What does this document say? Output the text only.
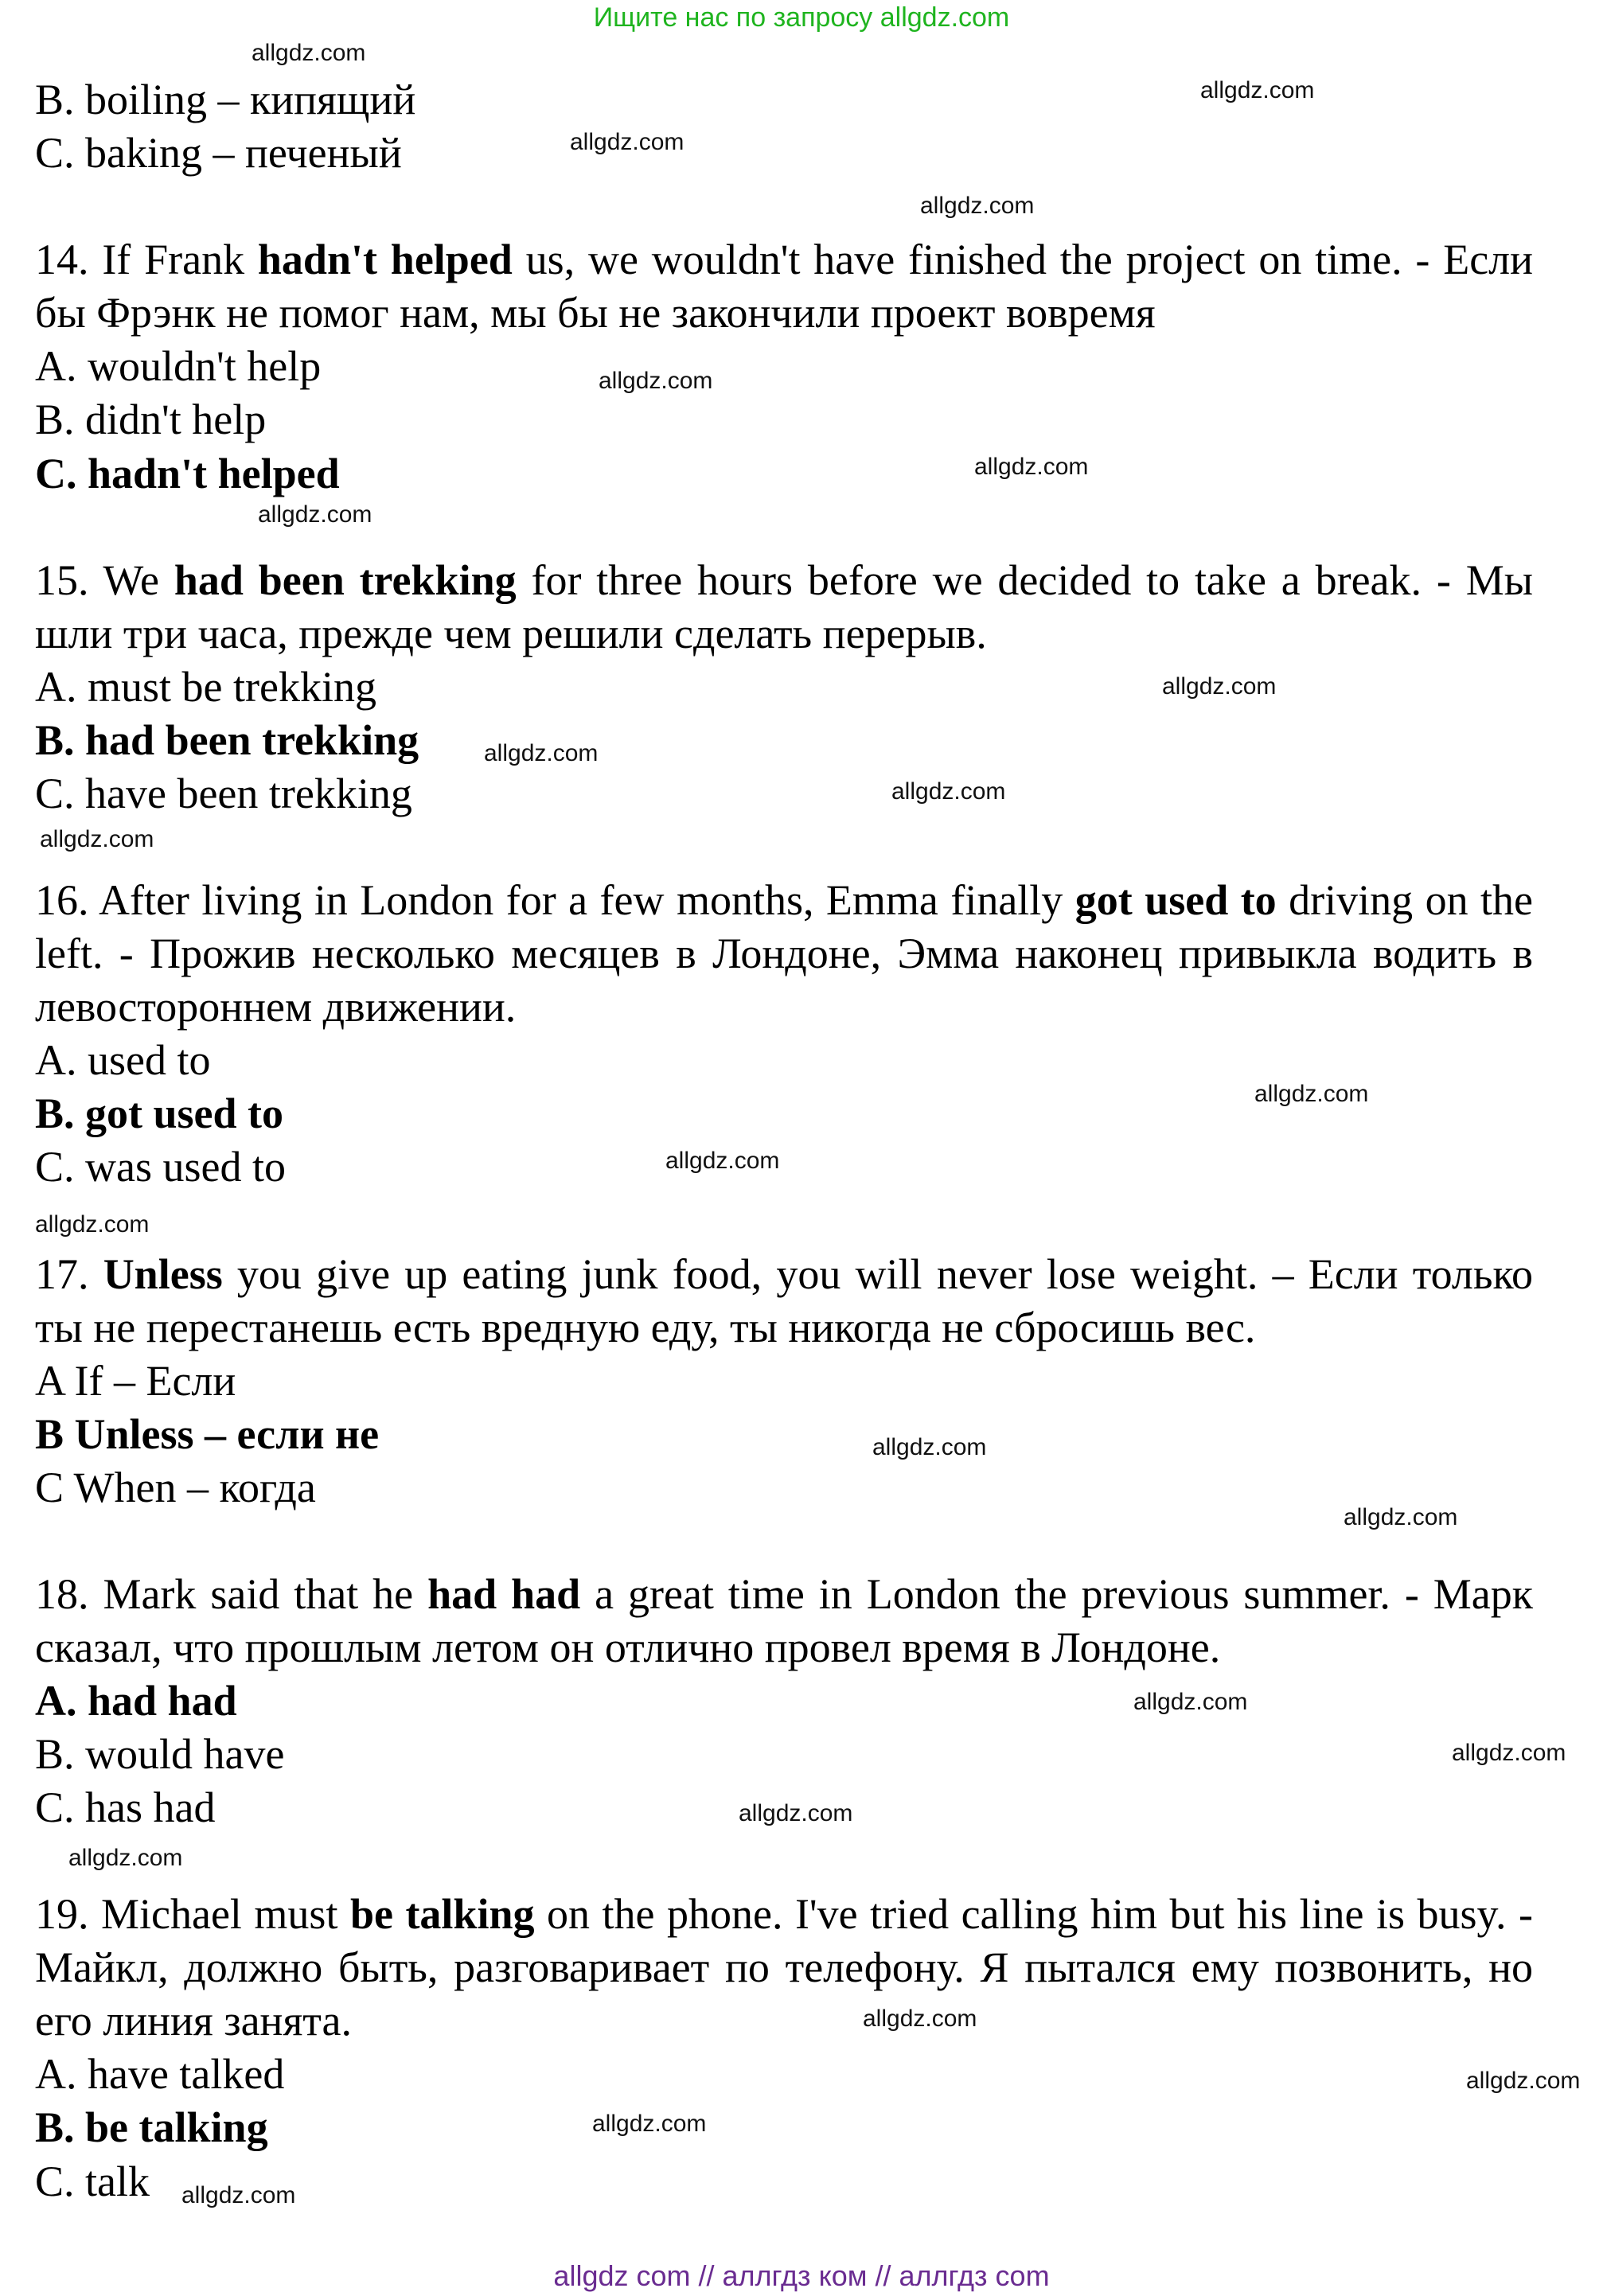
Ищите нас по запросу allgdz.com

B. boiling – кипящий

C. baking – печеный

14. If Frank hadn't helped us, we wouldn't have finished the project on time. - Если бы Фрэнк не помог нам, мы бы не закончили проект вовремя

A. wouldn't help

B. didn't help

C. hadn't helped

15. We had been trekking for three hours before we decided to take a break. - Мы шли три часа, прежде чем решили сделать перерыв.

A. must be trekking

B. had been trekking

C. have been trekking

16. After living in London for a few months, Emma finally got used to driving on the left. - Прожив несколько месяцев в Лондоне, Эмма наконец привыкла водить в левостороннем движении.

A. used to

B. got used to

C. was used to

17. Unless you give up eating junk food, you will never lose weight. – Если только ты не перестанешь есть вредную еду, ты никогда не сбросишь вес.

A If – Если

B Unless – если не

C When – когда

18. Mark said that he had had a great time in London the previous summer. - Марк сказал, что прошлым летом он отлично провел время в Лондоне.

A. had had

B. would have

C. has had

19. Michael must be talking on the phone. I've tried calling him but his line is busy. - Майкл, должно быть, разговаривает по телефону. Я пытался ему позвонить, но его линия занята.

A. have talked

B. be talking

C. talk

allgdz.com
allgdz.com
allgdz.com
allgdz.com
allgdz.com
allgdz.com
allgdz.com
allgdz.com
allgdz.com
allgdz.com
allgdz.com
allgdz.com
allgdz.com
allgdz.com
allgdz.com
allgdz.com
allgdz.com
allgdz.com
allgdz.com
allgdz.com
allgdz.com
allgdz.com
allgdz.com
allgdz.com
allgdz com // аллгдз ком // аллгдз com
